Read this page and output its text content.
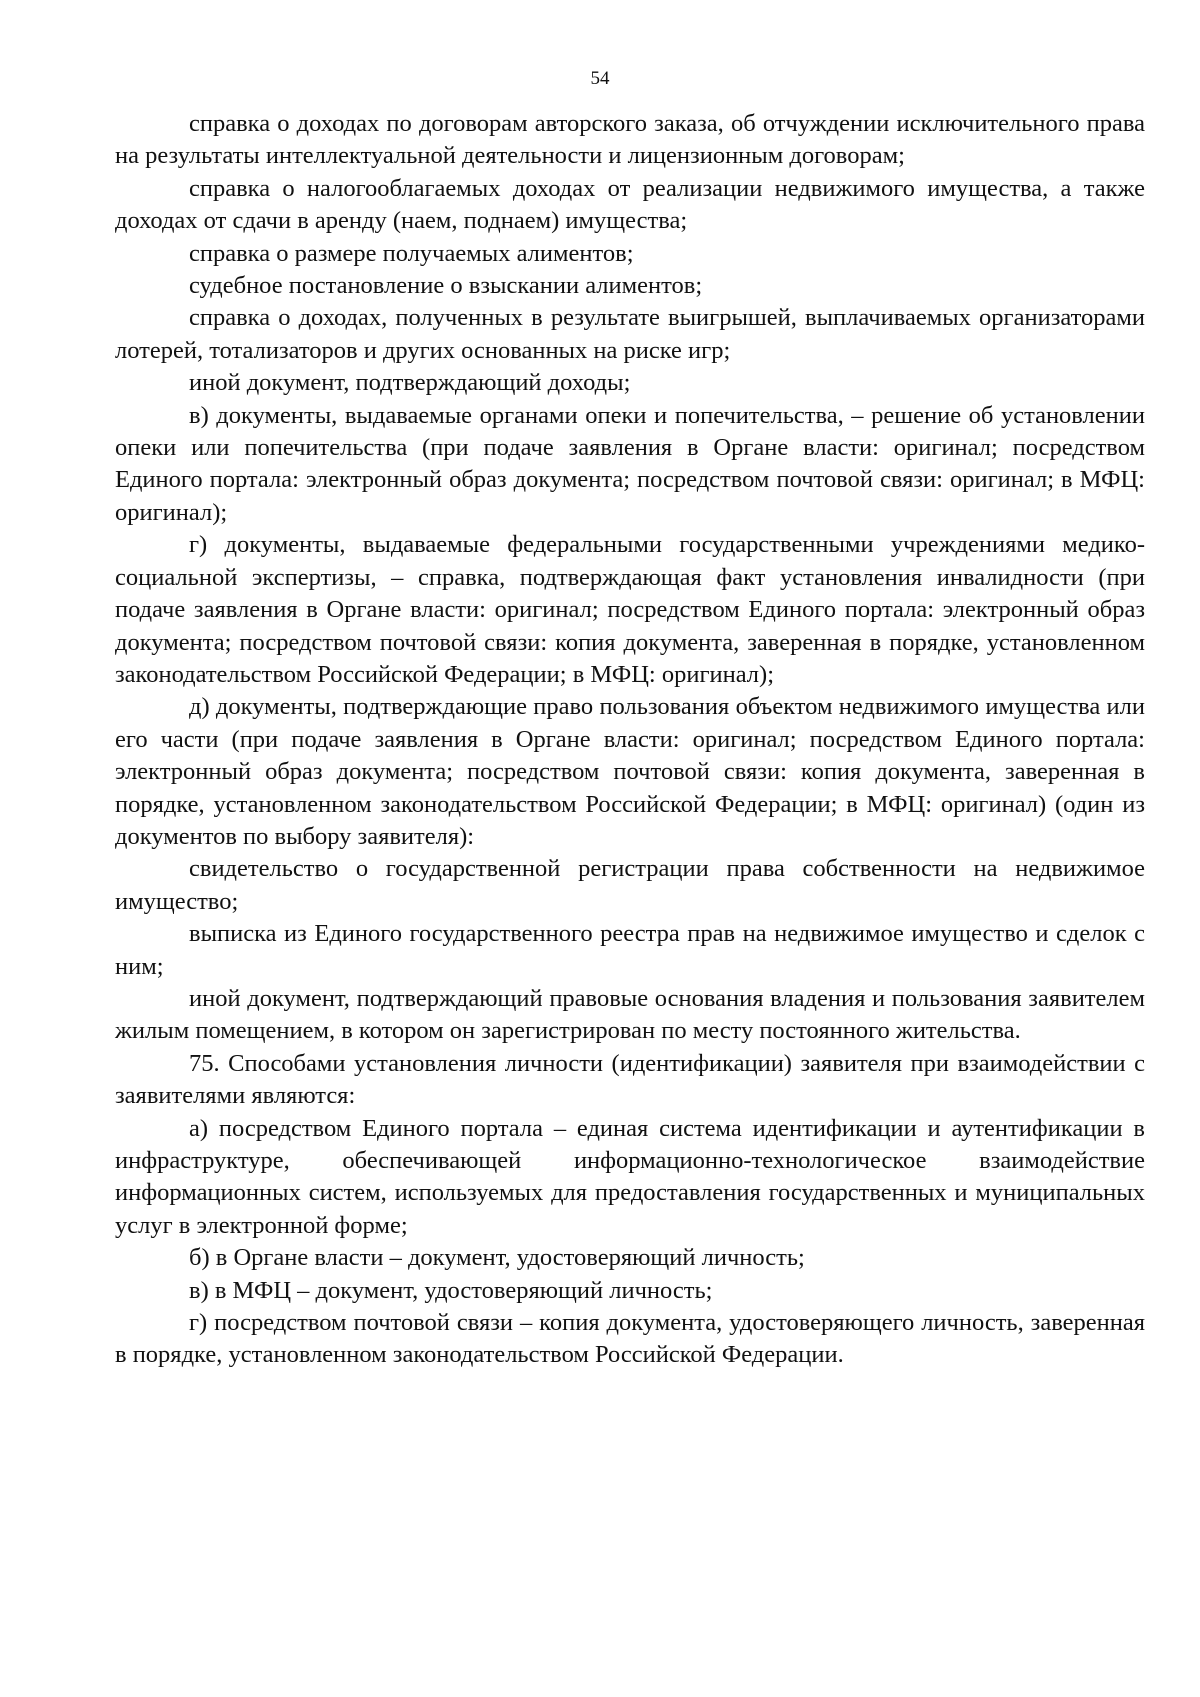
54

справка о доходах по договорам авторского заказа, об отчуждении исключительного права на результаты интеллектуальной деятельности и лицензионным договорам;

справка о налогооблагаемых доходах от реализации недвижимого имущества, а также доходах от сдачи в аренду (наем, поднаем) имущества;

справка о размере получаемых алиментов;

судебное постановление о взыскании алиментов;

справка о доходах, полученных в результате выигрышей, выплачиваемых организаторами лотерей, тотализаторов и других основанных на риске игр;

иной документ, подтверждающий доходы;

в) документы, выдаваемые органами опеки и попечительства, – решение об установлении опеки или попечительства (при подаче заявления в Органе власти: оригинал; посредством Единого портала: электронный образ документа; посредством почтовой связи: оригинал; в МФЦ: оригинал);

г) документы, выдаваемые федеральными государственными учреждениями медико-социальной экспертизы, – справка, подтверждающая факт установления инвалидности (при подаче заявления в Органе власти: оригинал; посредством Единого портала: электронный образ документа; посредством почтовой связи: копия документа, заверенная в порядке, установленном законодательством Российской Федерации; в МФЦ: оригинал);

д) документы, подтверждающие право пользования объектом недвижимого имущества или его части (при подаче заявления в Органе власти: оригинал; посредством Единого портала: электронный образ документа; посредством почтовой связи: копия документа, заверенная в порядке, установленном законодательством Российской Федерации; в МФЦ: оригинал) (один из документов по выбору заявителя):

свидетельство о государственной регистрации права собственности на недвижимое имущество;

выписка из Единого государственного реестра прав на недвижимое имущество и сделок с ним;

иной документ, подтверждающий правовые основания владения и пользования заявителем жилым помещением, в котором он зарегистрирован по месту постоянного жительства.

75. Способами установления личности (идентификации) заявителя при взаимодействии с заявителями являются:

а) посредством Единого портала – единая система идентификации и аутентификации в инфраструктуре, обеспечивающей информационно-технологическое взаимодействие информационных систем, используемых для предоставления государственных и муниципальных услуг в электронной форме;

б) в Органе власти – документ, удостоверяющий личность;

в) в МФЦ – документ, удостоверяющий личность;

г) посредством почтовой связи – копия документа, удостоверяющего личность, заверенная в порядке, установленном законодательством Российской Федерации.
